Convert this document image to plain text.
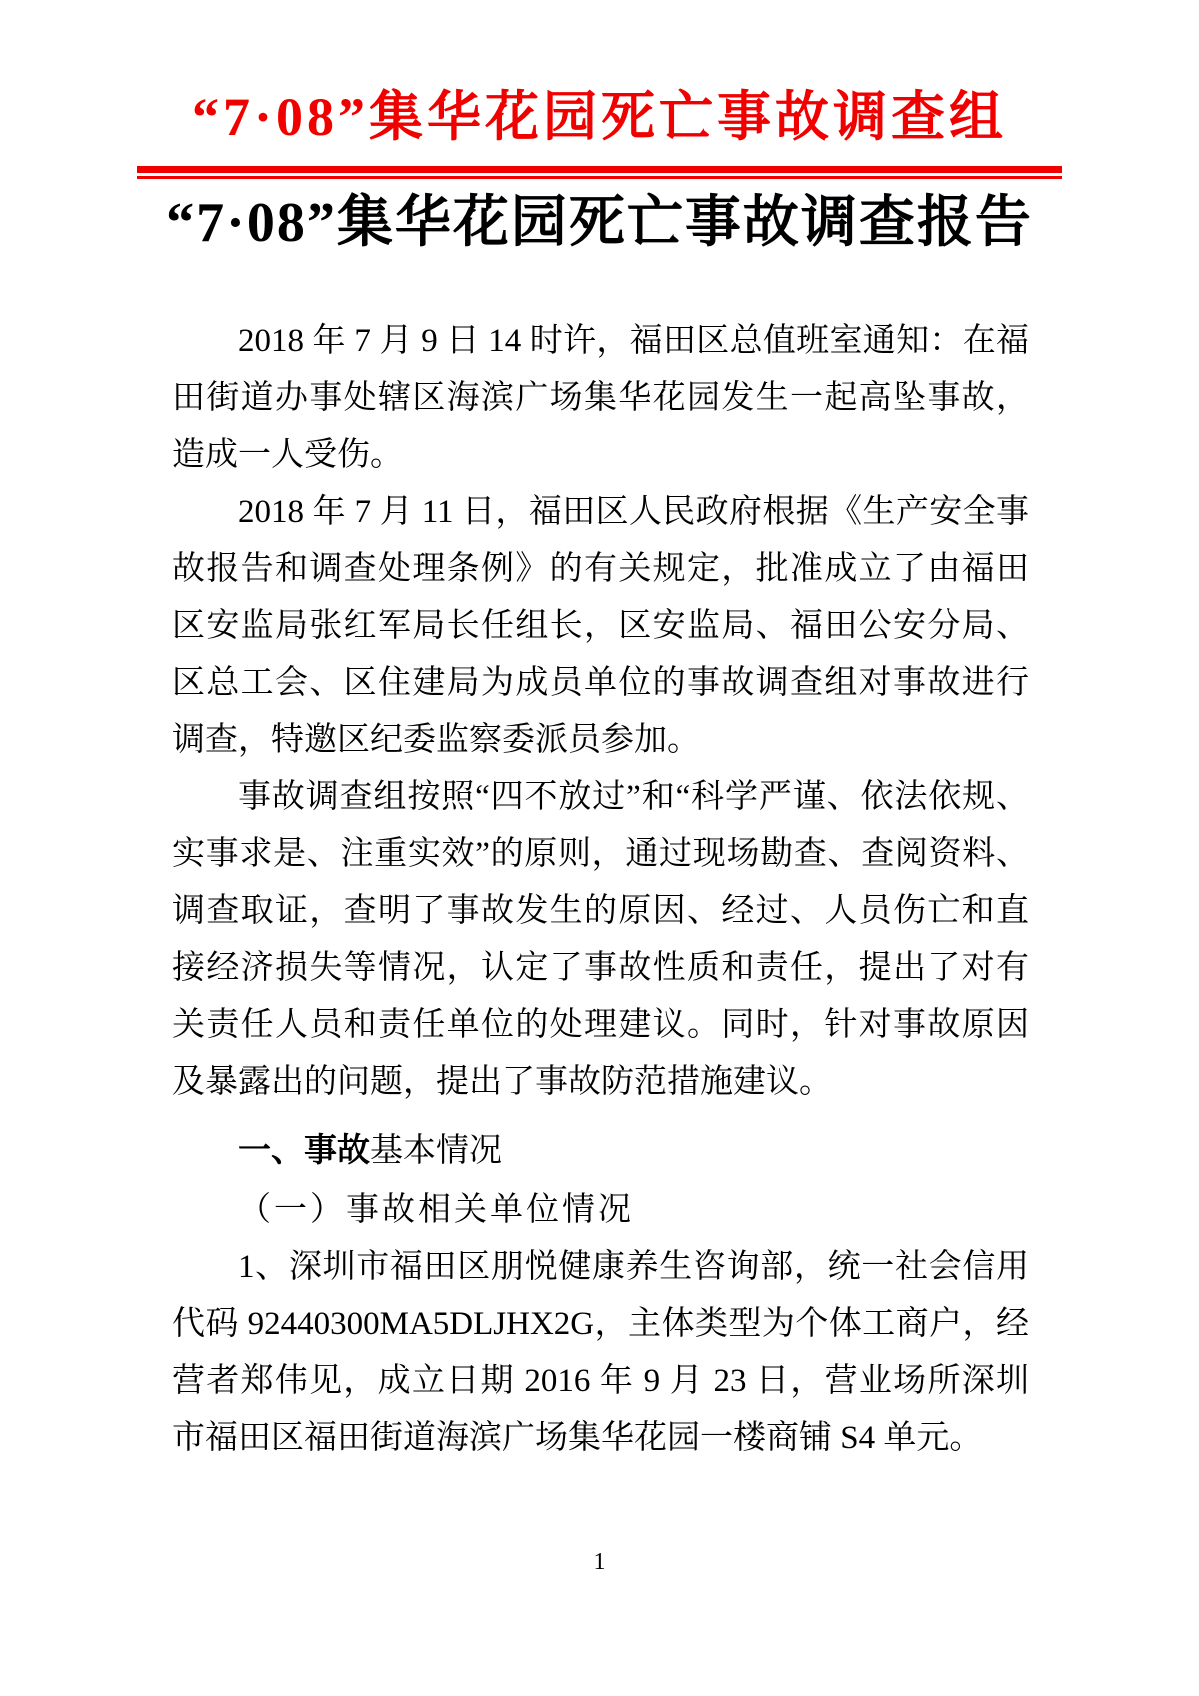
“7·08”集华花园死亡事故调查组
“7·08”集华花园死亡事故调查报告

2018 年 7 月 9 日 14 时许，福田区总值班室通知：在福田街道办事处辖区海滨广场集华花园发生一起高坠事故，造成一人受伤。

2018 年 7 月 11 日，福田区人民政府根据《生产安全事故报告和调查处理条例》的有关规定，批准成立了由福田区安监局张红军局长任组长，区安监局、福田公安分局、区总工会、区住建局为成员单位的事故调查组对事故进行调查，特邀区纪委监察委派员参加。

事故调查组按照“四不放过”和“科学严谨、依法依规、实事求是、注重实效”的原则，通过现场勘查、查阅资料、调查取证，查明了事故发生的原因、经过、人员伤亡和直接经济损失等情况，认定了事故性质和责任，提出了对有关责任人员和责任单位的处理建议。同时，针对事故原因及暴露出的问题，提出了事故防范措施建议。

一、事故基本情况
（一）事故相关单位情况

1、深圳市福田区朋悦健康养生咨询部，统一社会信用代码 92440300MA5DLJHX2G，主体类型为个体工商户，经营者郑伟见，成立日期 2016 年 9 月 23 日，营业场所深圳市福田区福田街道海滨广场集华花园一楼商铺 S4 单元。

1
